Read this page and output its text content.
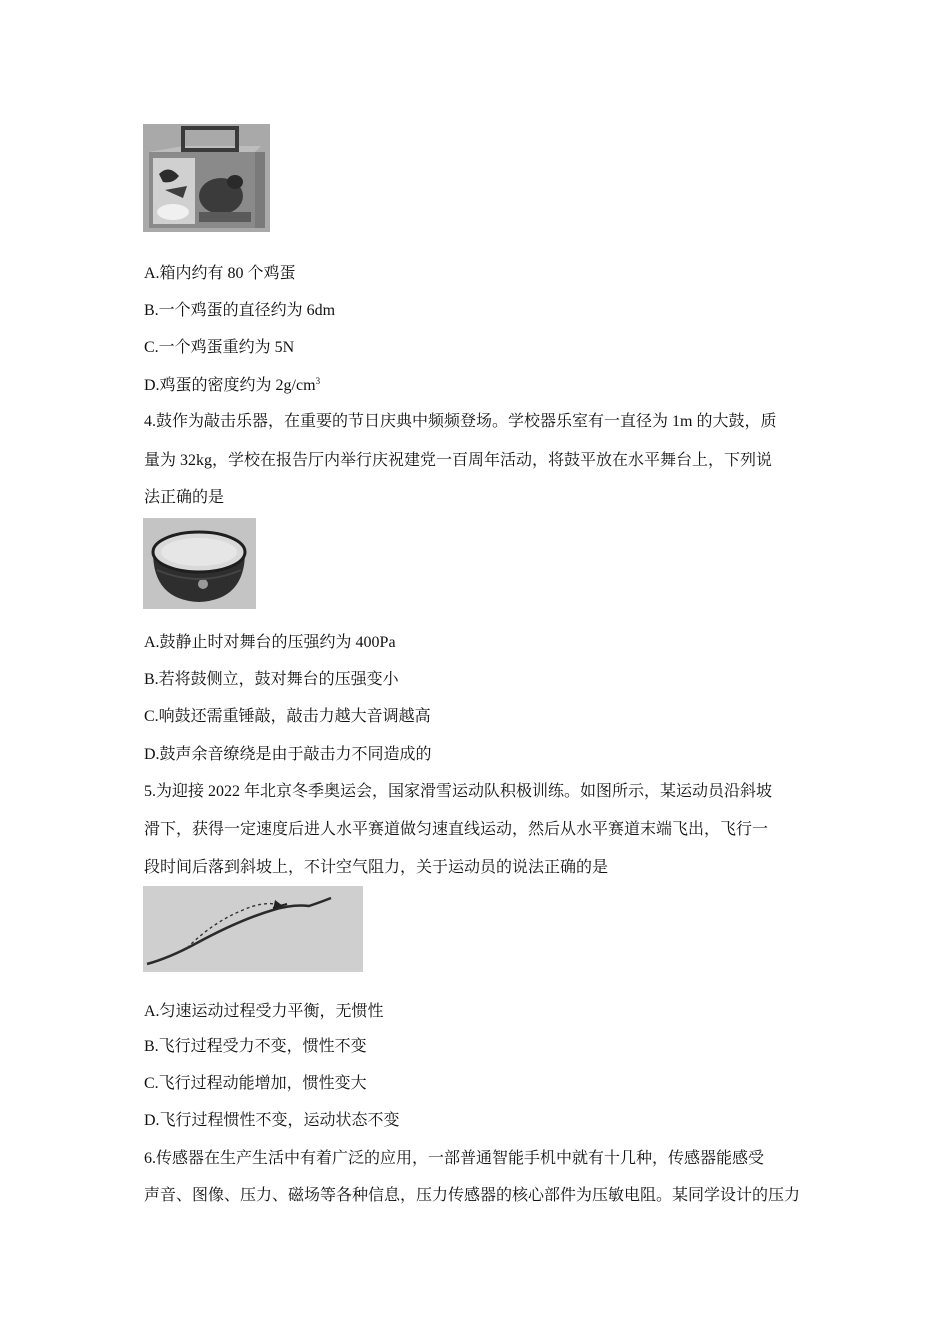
A.箱内约有 80 个鸡蛋
B.一个鸡蛋的直径约为 6dm
C.一个鸡蛋重约为 5N
D.鸡蛋的密度约为 $2g/cm^3$
4.鼓作为敲击乐器，在重要的节日庆典中频频登场。学校器乐室有一直径为 1m 的大鼓，质
量为 32kg，学校在报告厅内举行庆祝建党一百周年活动，将鼓平放在水平舞台上，下列说
法正确的是
A.鼓静止时对舞台的压强约为 400Pa
B.若将鼓侧立，鼓对舞台的压强变小
C.响鼓还需重锤敲，敲击力越大音调越高
D.鼓声余音缭绕是由于敲击力不同造成的
5.为迎接 2022 年北京冬季奥运会，国家滑雪运动队积极训练。如图所示，某运动员沿斜坡
滑下，获得一定速度后进人水平赛道做匀速直线运动，然后从水平赛道末端飞出，飞行一
段时间后落到斜坡上，不计空气阻力，关于运动员的说法正确的是
A.匀速运动过程受力平衡，无惯性
B.飞行过程受力不变，惯性不变
C.飞行过程动能增加，惯性变大
D.飞行过程惯性不变，运动状态不变
6.传感器在生产生活中有着广泛的应用，一部普通智能手机中就有十几种，传感器能感受
声音、图像、压力、磁场等各种信息，压力传感器的核心部件为压敏电阻。某同学设计的压力
